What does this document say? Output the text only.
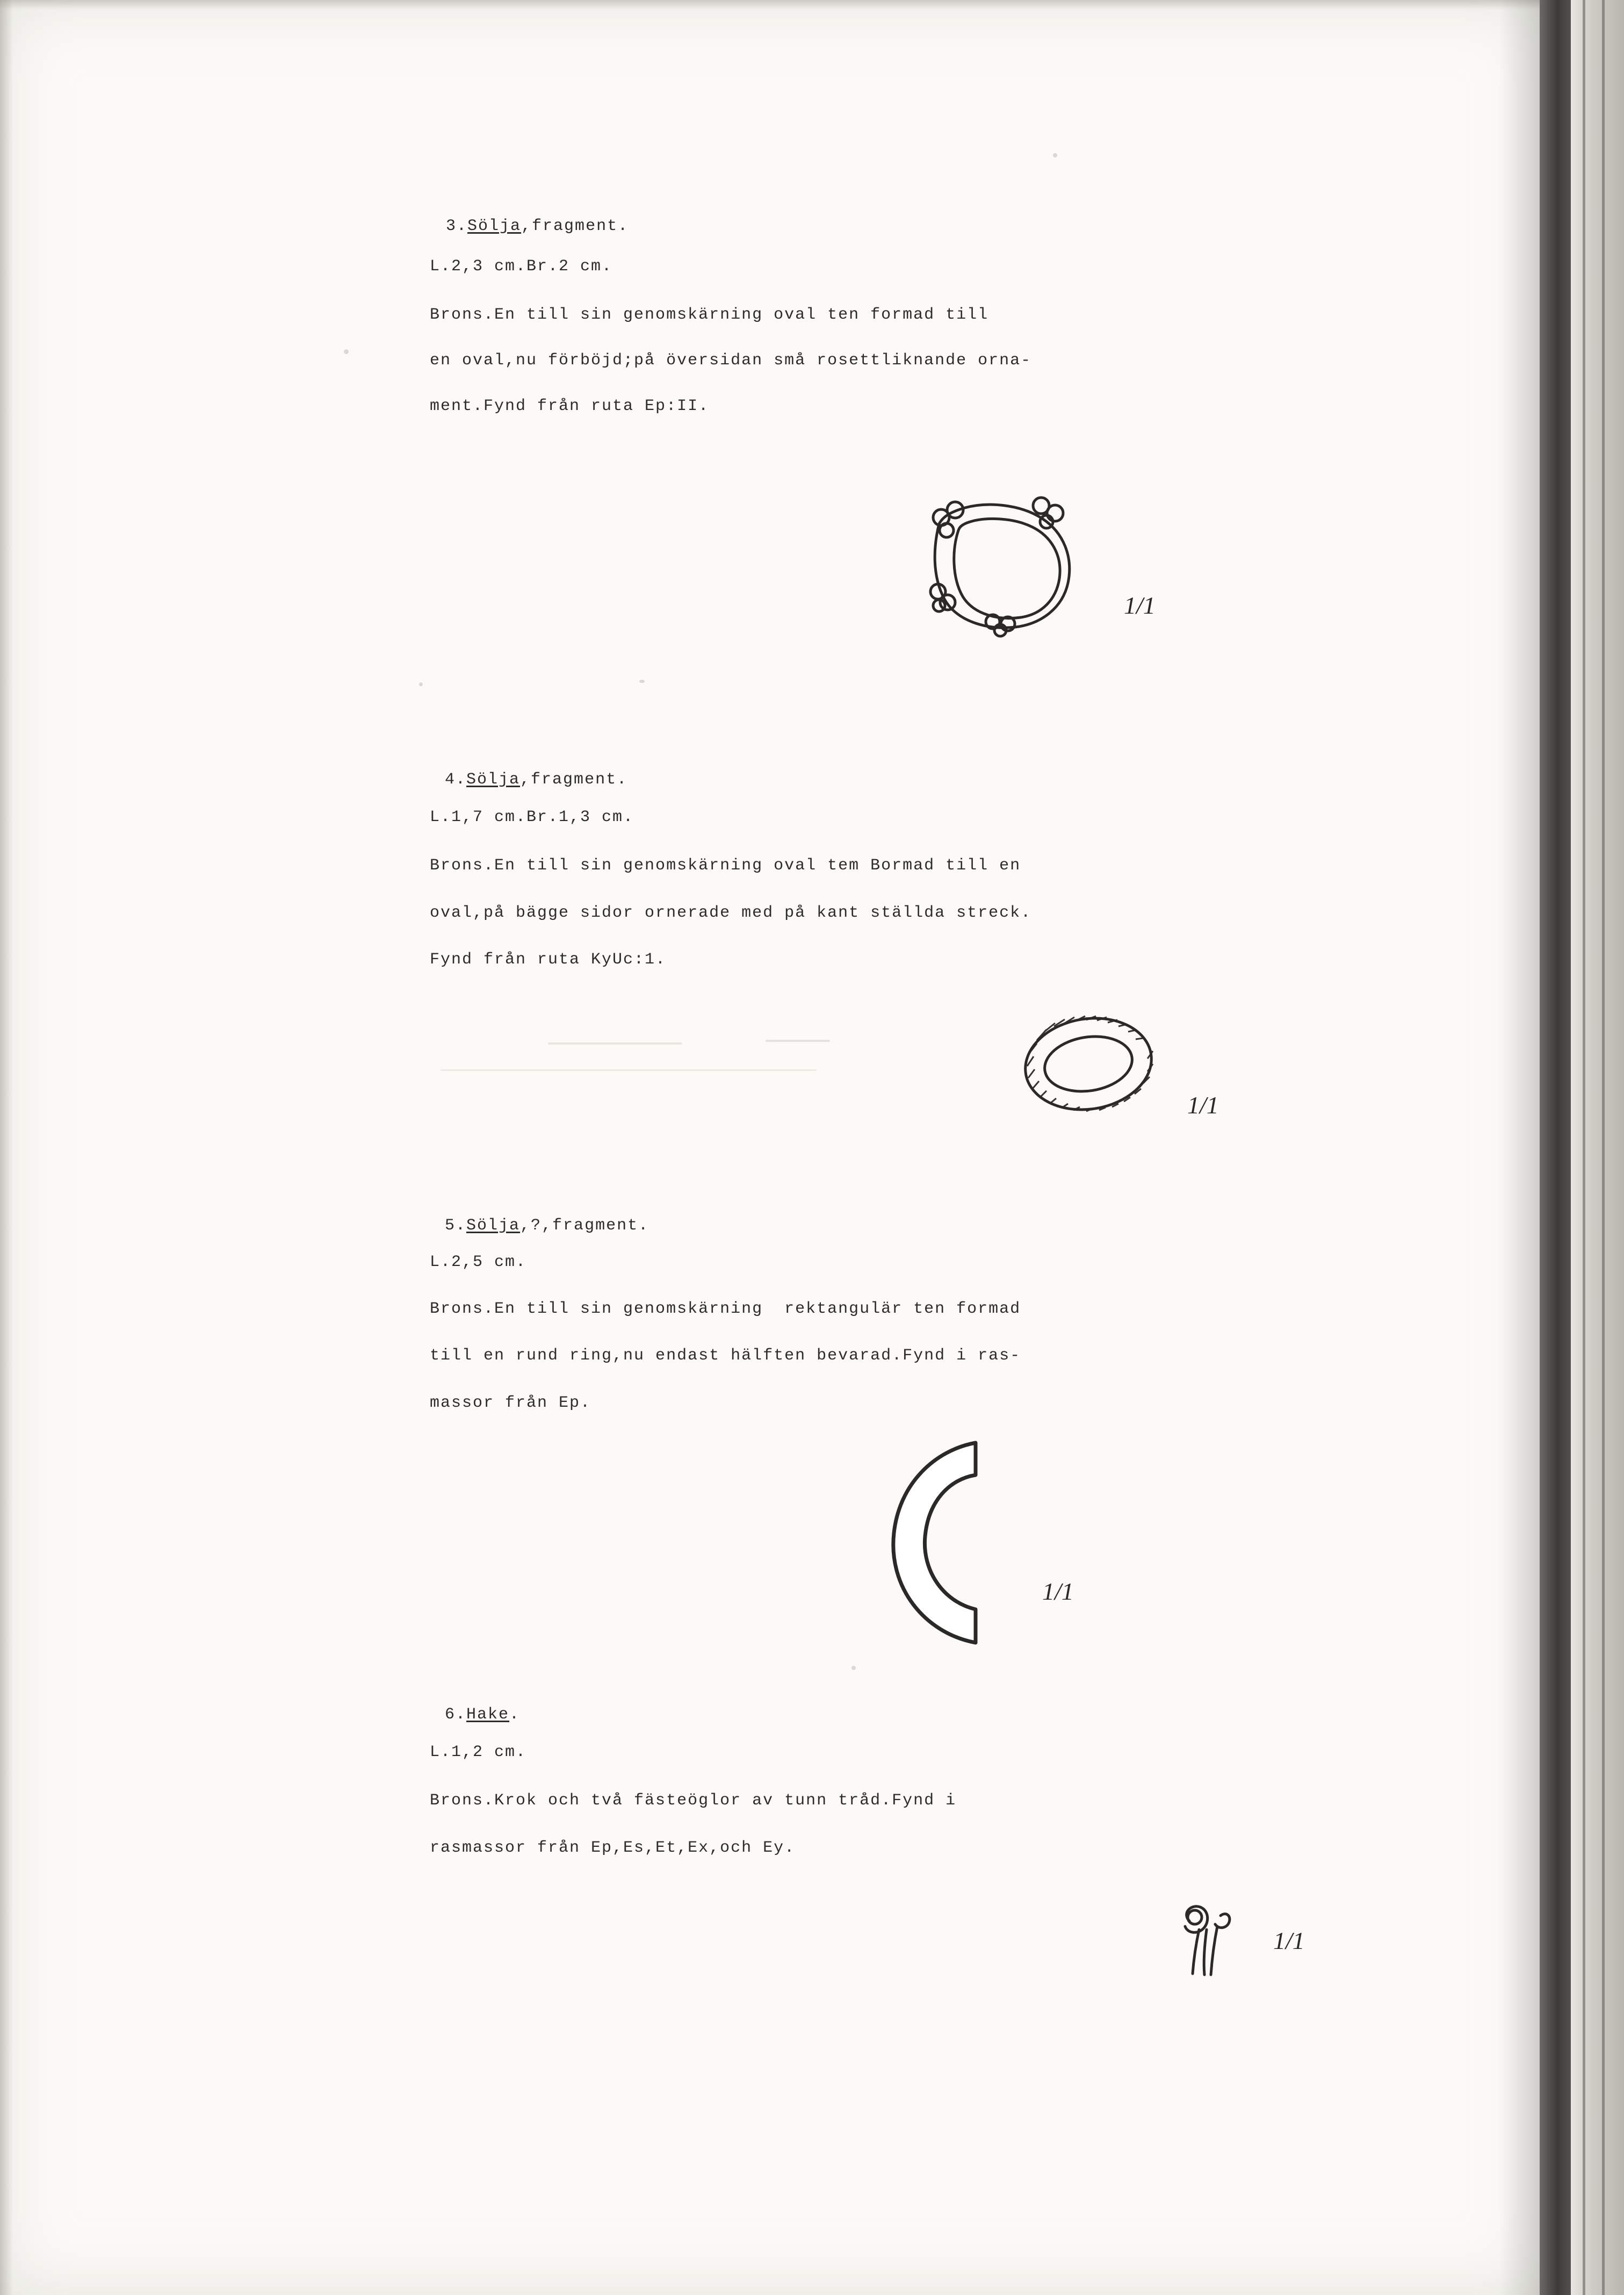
3.Sölja,fragment.

L.2,3 cm.Br.2 cm.
Brons.En till sin genomskärning oval ten formad till
en oval,nu förböjd;på översidan små rosettliknande orna-
ment.Fynd från ruta Ep:II.
1/1

4.Sölja,fragment.

L.1,7 cm.Br.1,3 cm.
Brons.En till sin genomskärning oval tem Bormad till en
oval,på bägge sidor ornerade med på kant ställda streck.
Fynd från ruta KyUc:1.
1/1

5.Sölja,?,fragment.

L.2,5 cm.
Brons.En till sin genomskärning  rektangulär ten formad
till en rund ring,nu endast hälften bevarad.Fynd i ras-
massor från Ep.
1/1

6.Hake.

L.1,2 cm.
Brons.Krok och två fästeöglor av tunn tråd.Fynd i
rasmassor från Ep,Es,Et,Ex,och Ey.
1/1
